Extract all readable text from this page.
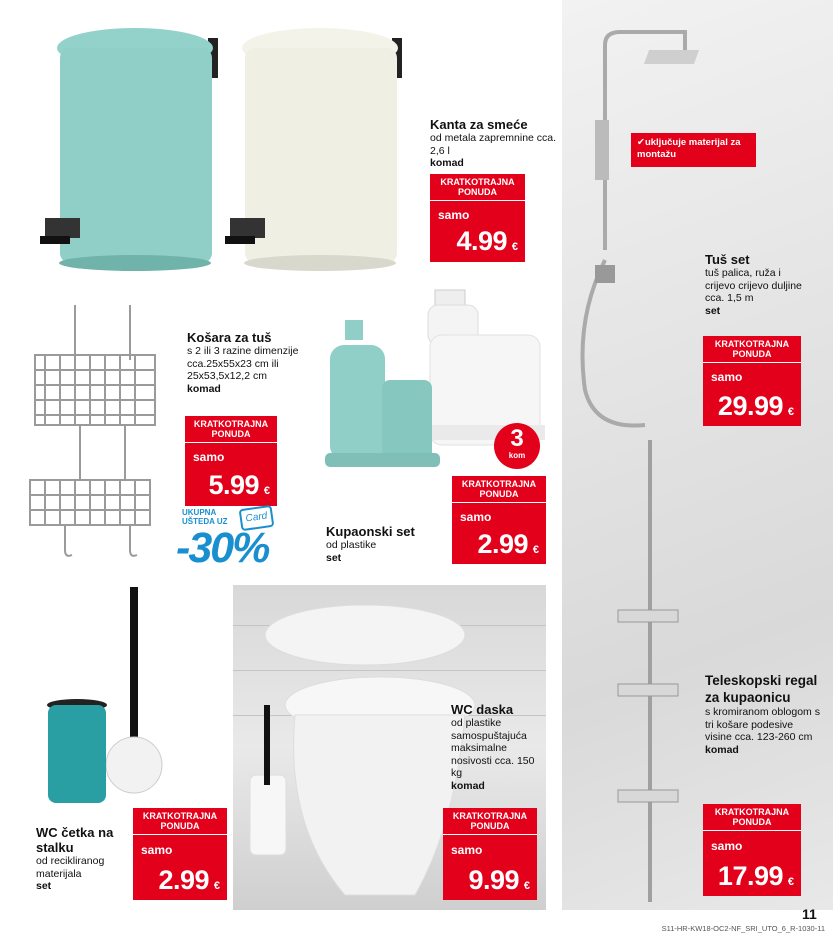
Kanta za smeće
od metala zapremnine cca. 2,6 l
komad
KRATKOTRAJNA PONUDA
samo
4.99 €
Košara za tuš
s 2 ili 3 razine dimenzije cca.25x55x23 cm ili 25x53,5x12,2 cm
komad
KRATKOTRAJNA PONUDA
samo
5.99 €
UKUPNA UŠTEDA UZ	Card
-30%
3
kom
KRATKOTRAJNA PONUDA
samo
2.99 €
Kupaonski set
od plastike
set
✔uključuje materijal za montažu
Tuš set
tuš palica, ruža i crijevo crijevo duljine cca. 1,5 m
set
KRATKOTRAJNA PONUDA
samo
29.99 €
WC daska
od plastike samospuštajuća maksimalne nosivosti cca. 150 kg
komad
KRATKOTRAJNA PONUDA
samo
9.99 €
WC četka na stalku
od recikliranog materijala
set
KRATKOTRAJNA PONUDA
samo
2.99 €
Teleskopski regal za kupaonicu
s kromiranom oblogom s tri košare podesive visine cca. 123-260 cm
komad
KRATKOTRAJNA PONUDA
samo
17.99 €
11
S11-HR-KW18-OC2-NF_SRI_UTO_6_R-1030-11
